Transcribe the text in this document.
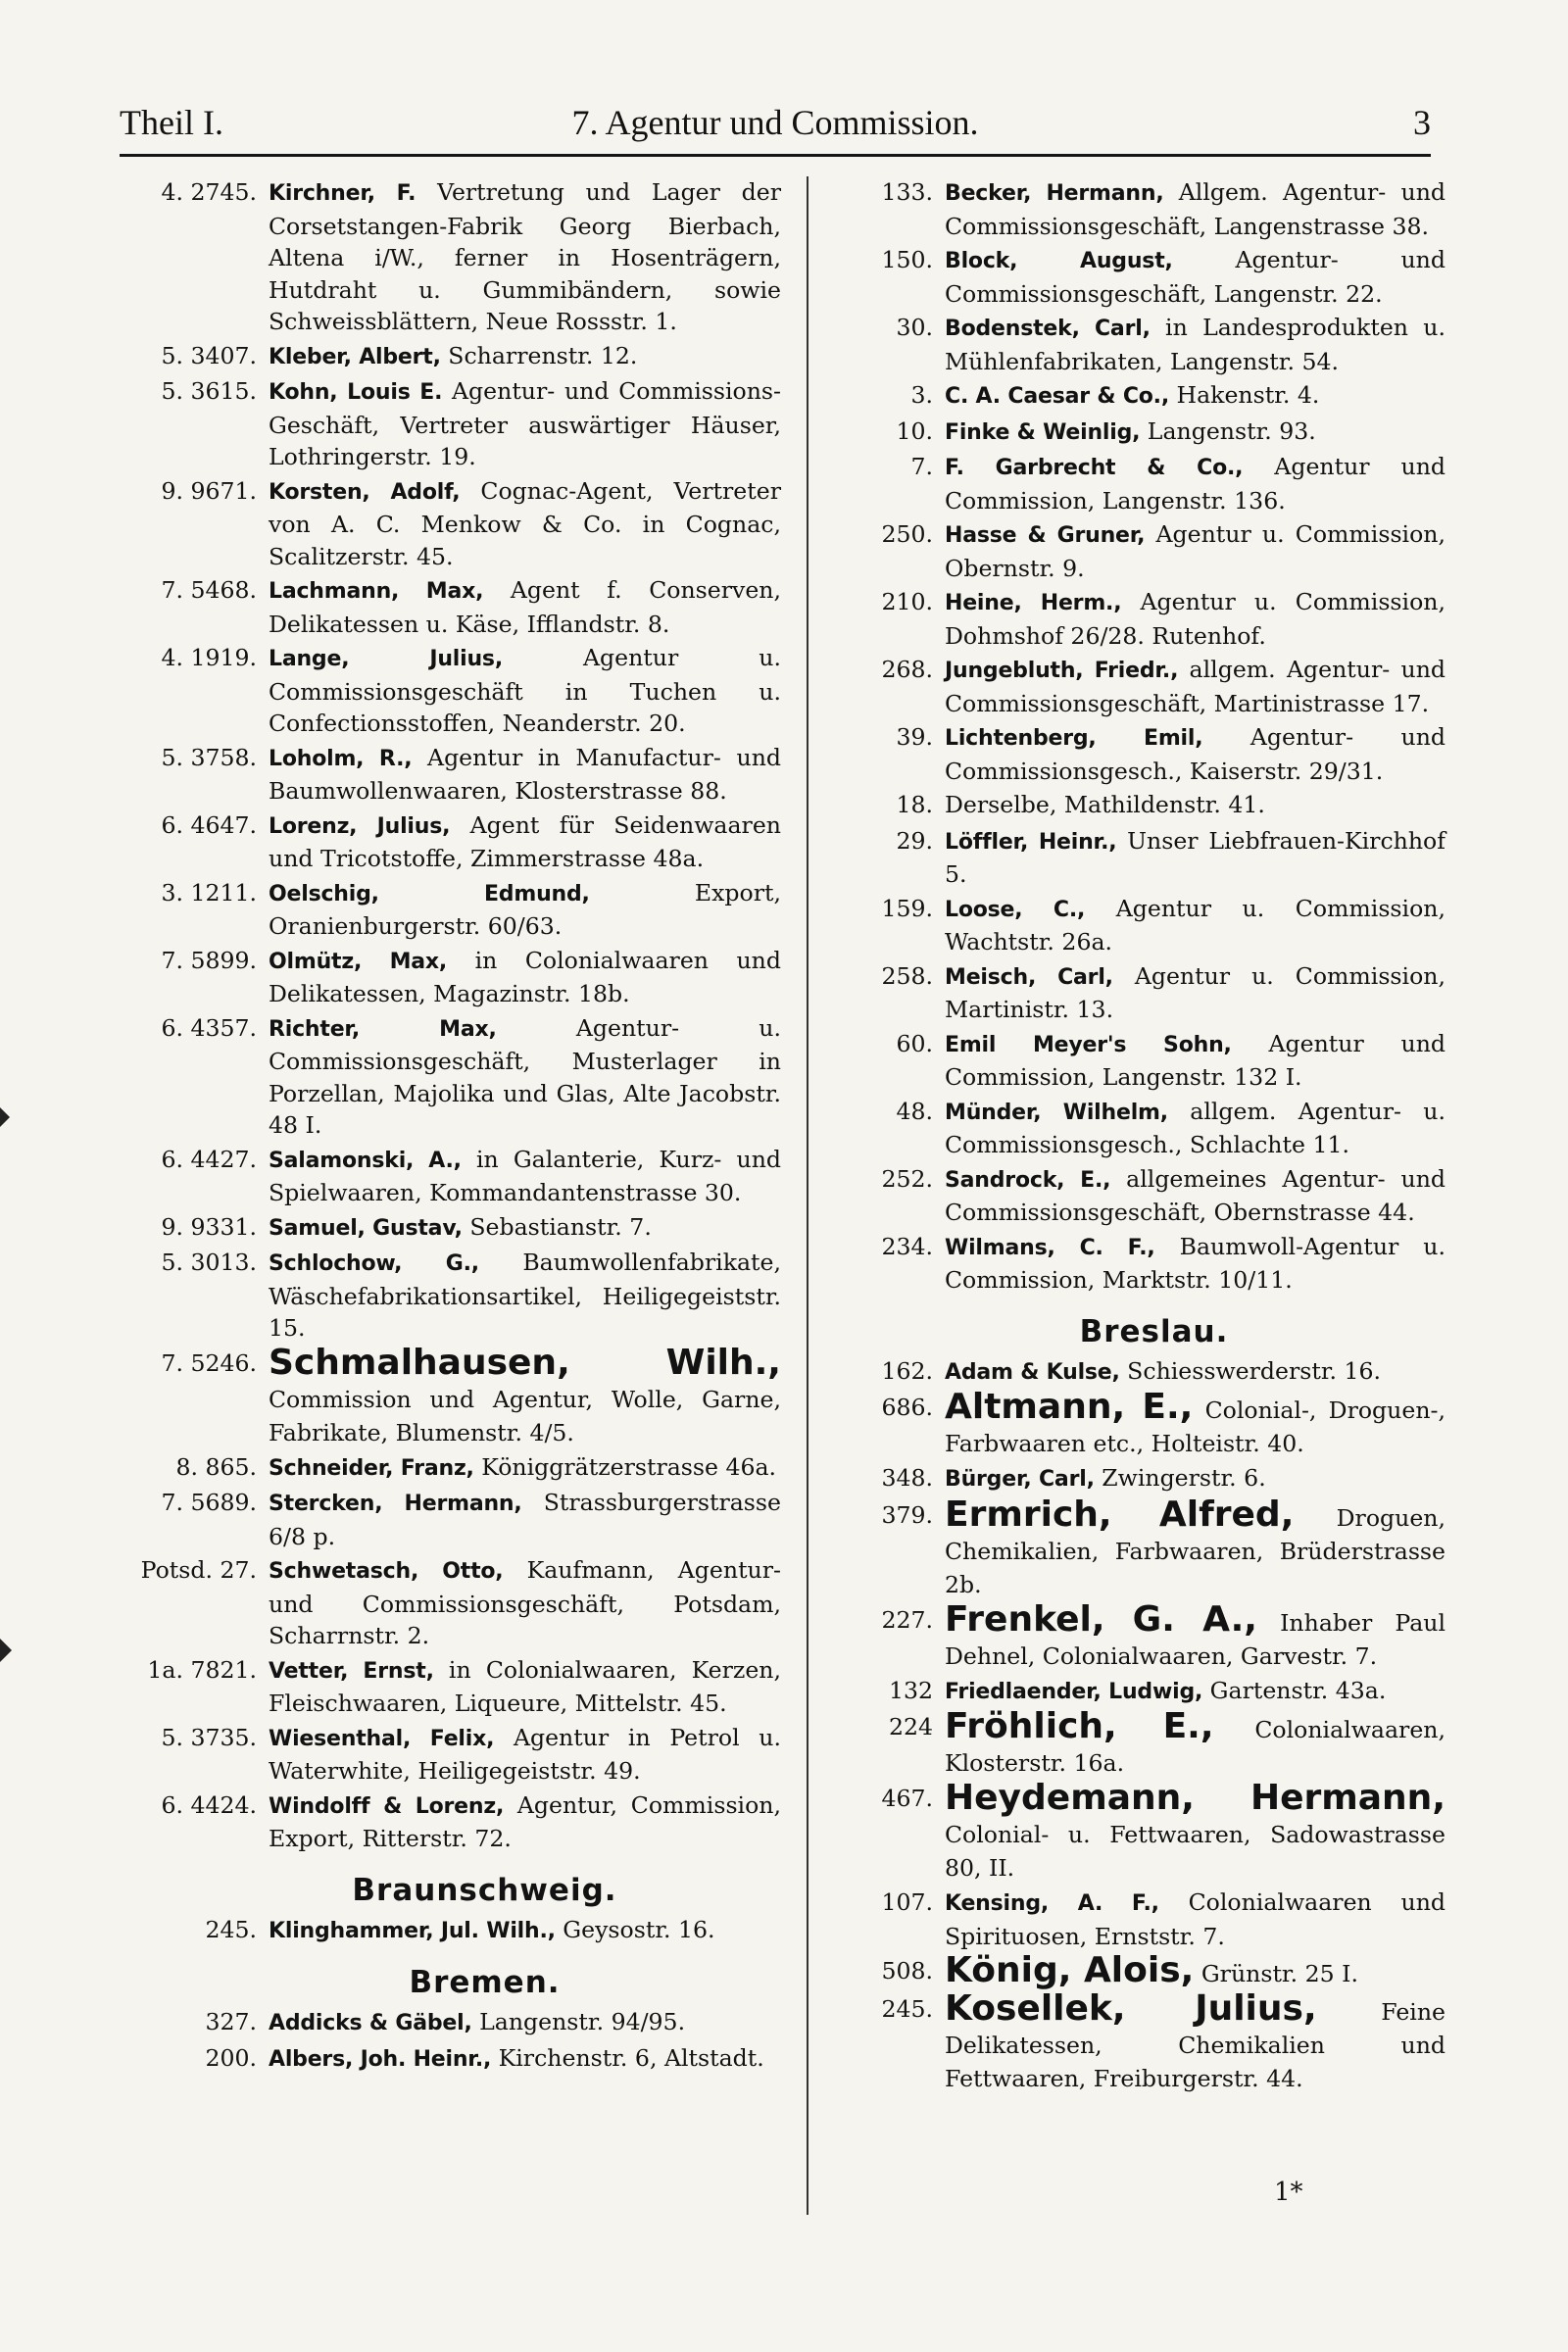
Theil I.	7. Agentur und Commission.	3
4. 2745. Kirchner, F. Vertretung und Lager der Corsetstangen-Fabrik Georg Bierbach, Altena i/W., ferner in Hosenträgern, Hutdraht u. Gummibändern, sowie Schweissblättern, Neue Rossstr. 1.
5. 3407. Kleber, Albert, Scharrenstr. 12.
5. 3615. Kohn, Louis E. Agentur- und Commissions-Geschäft, Vertreter auswärtiger Häuser, Lothringerstr. 19.
9. 9671. Korsten, Adolf, Cognac-Agent, Vertreter von A. C. Menkow & Co. in Cognac, Scalitzerstr. 45.
7. 5468. Lachmann, Max, Agent f. Conserven, Delikatessen u. Käse, Ifflandstr. 8.
4. 1919. Lange, Julius, Agentur u. Commissionsgeschäft in Tuchen u. Confectionsstoffen, Neanderstr. 20.
5. 3758. Loholm, R., Agentur in Manufactur- und Baumwollenwaaren, Klosterstrasse 88.
6. 4647. Lorenz, Julius, Agent für Seidenwaaren und Tricotstoffe, Zimmerstrasse 48a.
3. 1211. Oelschig, Edmund, Export, Oranienburgerstr. 60/63.
7. 5899. Olmütz, Max, in Colonialwaaren und Delikatessen, Magazinstr. 18b.
6. 4357. Richter, Max, Agentur- u. Commissionsgeschäft, Musterlager in Porzellan, Majolika und Glas, Alte Jacobstr. 48 I.
6. 4427. Salamonski, A., in Galanterie, Kurz- und Spielwaaren, Kommandantenstrasse 30.
9. 9331. Samuel, Gustav, Sebastianstr. 7.
5. 3013. Schlochow, G., Baumwollenfabrikate, Wäschefabrikationsartikel, Heiligegeiststr. 15.
7. 5246. Schmalhausen, Wilh., Commission und Agentur, Wolle, Garne, Fabrikate, Blumenstr. 4/5.
8. 865. Schneider, Franz, Königgrätzerstrasse 46a.
7. 5689. Stercken, Hermann, Strassburgerstrasse 6/8 p.
Potsd. 27. Schwetasch, Otto, Kaufmann, Agentur- und Commissionsgeschäft, Potsdam, Scharrnstr. 2.
1a. 7821. Vetter, Ernst, in Colonialwaaren, Kerzen, Fleischwaaren, Liqueure, Mittelstr. 45.
5. 3735. Wiesenthal, Felix, Agentur in Petrol u. Waterwhite, Heiligegeiststr. 49.
6. 4424. Windolff & Lorenz, Agentur, Commission, Export, Ritterstr. 72.
Braunschweig.
245. Klinghammer, Jul. Wilh., Geysostr. 16.
Bremen.
327. Addicks & Gäbel, Langenstr. 94/95.
200. Albers, Joh. Heinr., Kirchenstr. 6, Altstadt.
133. Becker, Hermann, Allgem. Agentur- und Commissionsgeschäft, Langenstrasse 38.
150. Block, August, Agentur- und Commissionsgeschäft, Langenstr. 22.
30. Bodenstek, Carl, in Landesprodukten u. Mühlenfabrikaten, Langenstr. 54.
3. C. A. Caesar & Co., Hakenstr. 4.
10. Finke & Weinlig, Langenstr. 93.
7. F. Garbrecht & Co., Agentur und Commission, Langenstr. 136.
250. Hasse & Gruner, Agentur u. Commission, Obernstr. 9.
210. Heine, Herm., Agentur u. Commission, Dohmshof 26/28. Rutenhof.
268. Jungebluth, Friedr., allgem. Agentur- und Commissionsgeschäft, Martinistrasse 17.
39. Lichtenberg, Emil, Agentur- und Commissionsgesch., Kaiserstr. 29/31.
18. Derselbe, Mathildenstr. 41.
29. Löffler, Heinr., Unser Liebfrauen-Kirchhof 5.
159. Loose, C., Agentur u. Commission, Wachtstr. 26a.
258. Meisch, Carl, Agentur u. Commission, Martinistr. 13.
60. Emil Meyer's Sohn, Agentur und Commission, Langenstr. 132 I.
48. Münder, Wilhelm, allgem. Agentur- u. Commissionsgesch., Schlachte 11.
252. Sandrock, E., allgemeines Agentur- und Commissionsgeschäft, Obernstrasse 44.
234. Wilmans, C. F., Baumwoll-Agentur u. Commission, Marktstr. 10/11.
Breslau.
162. Adam & Kulse, Schiesswerderstr. 16.
686. Altmann, E., Colonial-, Droguen-, Farbwaaren etc., Holteistr. 40.
348. Bürger, Carl, Zwingerstr. 6.
379. Ermrich, Alfred, Droguen, Chemikalien, Farbwaaren, Brüderstrasse 2b.
227. Frenkel, G. A., Inhaber Paul Dehnel, Colonialwaaren, Garvestr. 7.
132 Friedlaender, Ludwig, Gartenstr. 43a.
224 Fröhlich, E., Colonialwaaren, Klosterstr. 16a.
467. Heydemann, Hermann, Colonial- u. Fettwaaren, Sadowastrasse 80, II.
107. Kensing, A. F., Colonialwaaren und Spirituosen, Ernststr. 7.
508. König, Alois, Grünstr. 25 I.
245. Kosellek, Julius, Feine Delikatessen, Chemikalien und Fettwaaren, Freiburgerstr. 44.
1*
